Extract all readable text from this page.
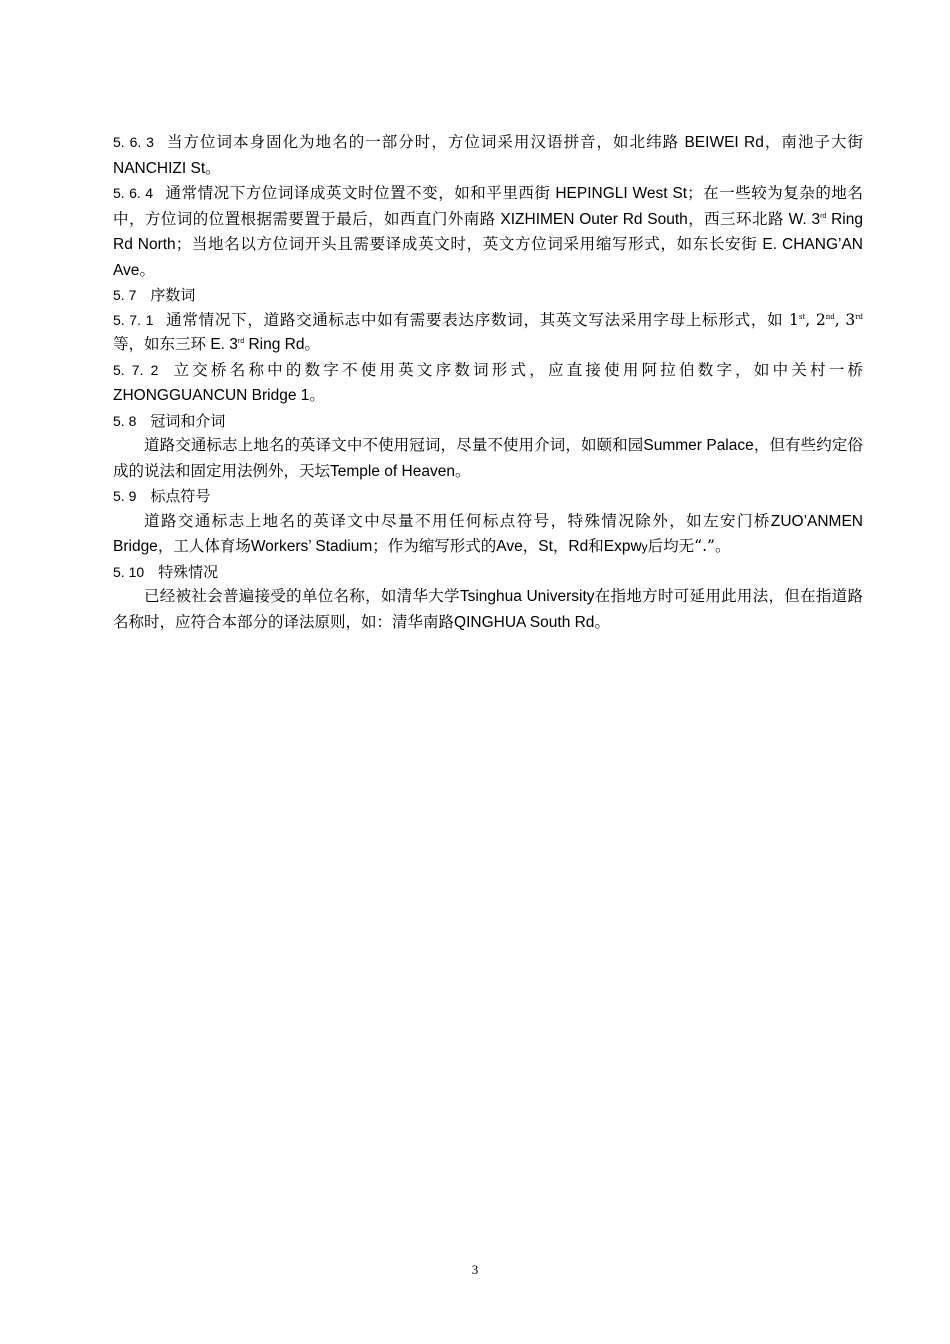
5. 6. 3 当方位词本身固化为地名的一部分时，方位词采用汉语拼音，如北纬路 BEIWEI Rd，南池子大街 NANCHIZI St。

5. 6. 4 通常情况下方位词译成英文时位置不变，如和平里西街 HEPINGLI West St；在一些较为复杂的地名中，方位词的位置根据需要置于最后，如西直门外南路 XIZHIMEN Outer Rd South，西三环北路 W. 3rd Ring Rd North；当地名以方位词开头且需要译成英文时，英文方位词采用缩写形式，如东长安街 E. CHANG’AN Ave。

5. 7 序数词

5. 7. 1 通常情况下，道路交通标志中如有需要表达序数词，其英文写法采用字母上标形式，如 1st, 2nd, 3rd 等，如东三环 E. 3rd Ring Rd。

5. 7. 2 立交桥名称中的数字不使用英文序数词形式，应直接使用阿拉伯数字，如中关村一桥 ZHONGGUANCUN Bridge 1。

5. 8 冠词和介词

道路交通标志上地名的英译文中不使用冠词，尽量不使用介词，如颐和园Summer Palace，但有些约定俗成的说法和固定用法例外，天坛Temple of Heaven。

5. 9 标点符号

道路交通标志上地名的英译文中尽量不用任何标点符号，特殊情况除外，如左安门桥ZUO’ANMEN Bridge，工人体育场Workers’ Stadium；作为缩写形式的Ave，St，Rd和Expwy后均无“.”。

5. 10 特殊情况

已经被社会普遍接受的单位名称，如清华大学Tsinghua University在指地方时可延用此用法，但在指道路名称时，应符合本部分的译法原则，如：清华南路QINGHUA South Rd。

3
